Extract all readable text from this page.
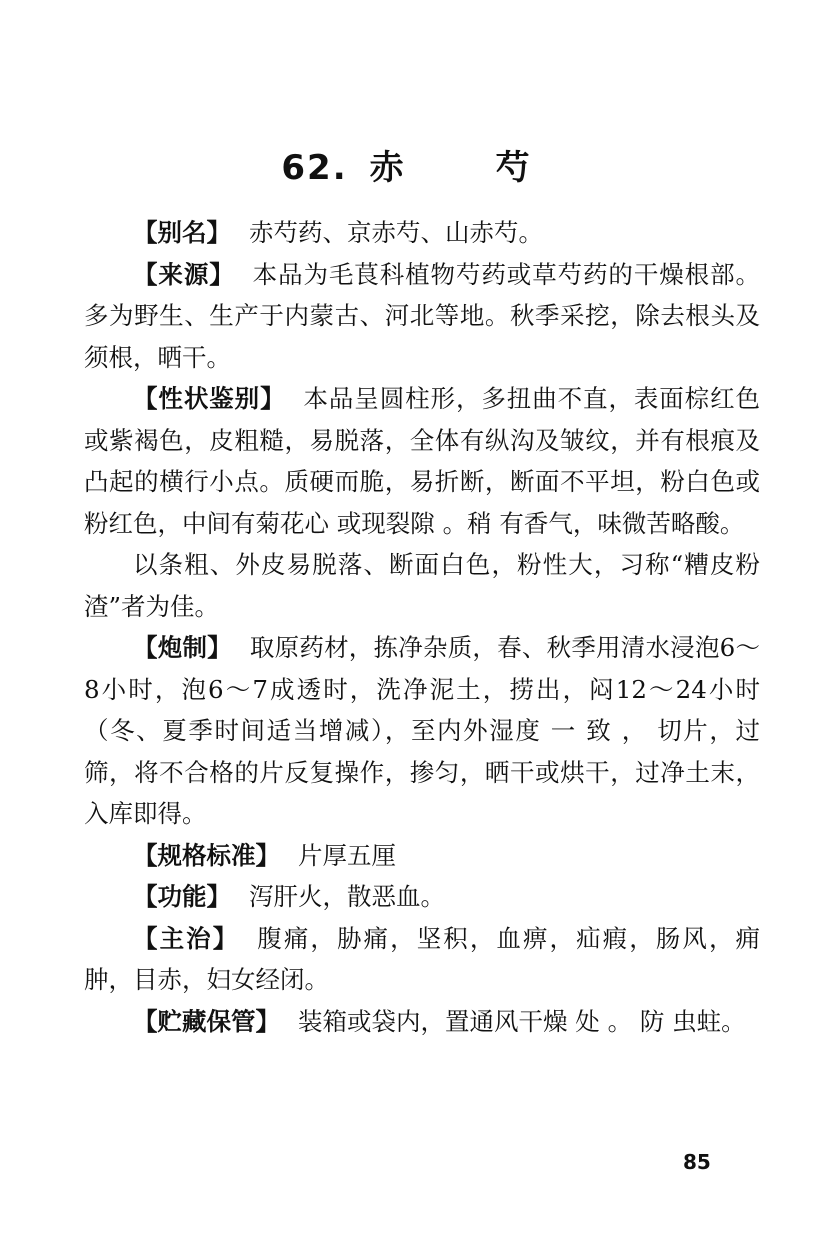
62. 赤	芍

【别名】 赤芍药、京赤芍、山赤芍。

【来源】 本品为毛茛科植物芍药或草芍药的干燥根部。多为野生、生产于内蒙古、河北等地。秋季采挖，除去根头及须根，晒干。

【性状鉴别】 本品呈圆柱形，多扭曲不直，表面棕红色或紫褐色，皮粗糙，易脱落，全体有纵沟及皱纹，并有根痕及凸起的横行小点。质硬而脆，易折断，断面不平坦，粉白色或粉红色，中间有菊花心 或现裂隙 。稍 有香气，味微苦略酸。

以条粗、外皮易脱落、断面白色，粉性大，习称“糟皮粉渣”者为佳。

【炮制】 取原药材，拣净杂质，春、秋季用清水浸泡6～8小时，泡6～7成透时，洗净泥土，捞出，闷12～24小时（冬、夏季时间适当增减），至内外湿度 一 致 ， 切片，过筛，将不合格的片反复操作，掺匀，晒干或烘干，过净土末，入库即得。

【规格标准】 片厚五厘

【功能】 泻肝火，散恶血。

【主治】 腹痛，胁痛，坚积，血痹，疝瘕，肠风，痈肿，目赤，妇女经闭。

【贮藏保管】 装箱或袋内，置通风干燥 处 。 防 虫蛀。

85
